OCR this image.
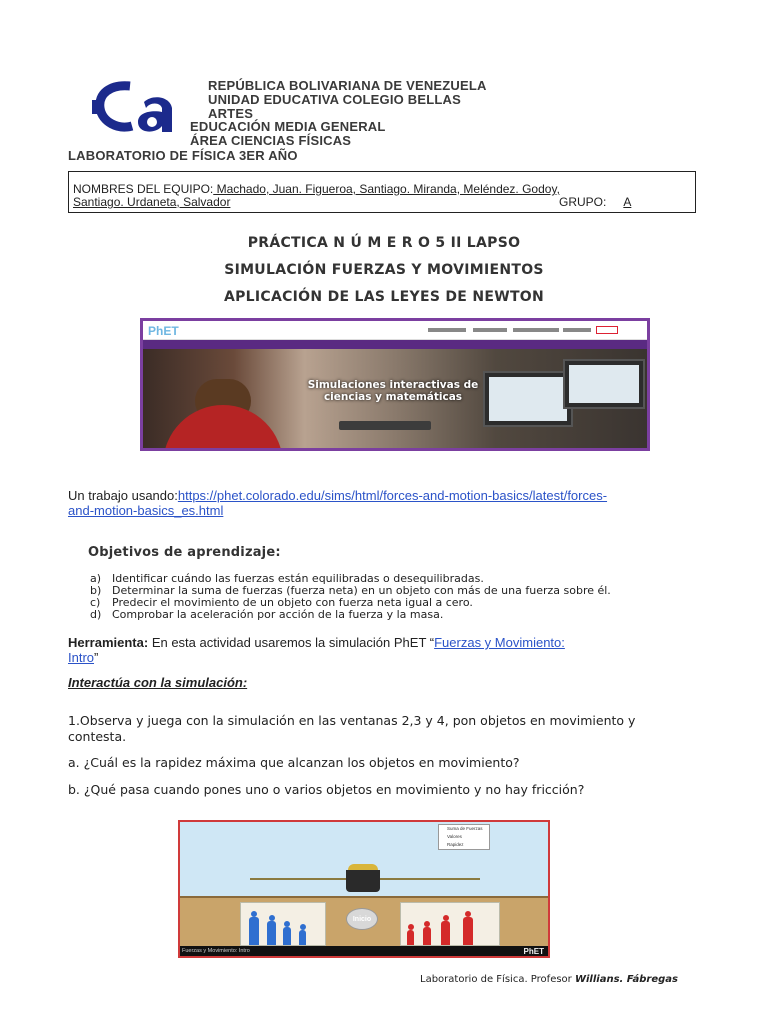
REPÚBLICA BOLIVARIANA DE VENEZUELA
UNIDAD EDUCATIVA COLEGIO BELLAS
ARTES
EDUCACIÓN MEDIA GENERAL
ÁREA CIENCIAS FÍSICAS
LABORATORIO DE FÍSICA 3ER AÑO
NOMBRES DEL EQUIPO: Machado, Juan. Figueroa, Santiago. Miranda, Meléndez. Godoy,
Santiago. Urdaneta, Salvador	GRUPO: A
PRÁCTICA N Ú M E R O 5 II LAPSO
SIMULACIÓN FUERZAS Y MOVIMIENTOS
APLICACIÓN DE LAS LEYES DE NEWTON
PhET
Simulaciones interactivas de ciencias y matemáticas
Un trabajo usando:https://phet.colorado.edu/sims/html/forces-and-motion-basics/latest/forces-
and-motion-basics_es.html
Objetivos de aprendizaje:
a) Identificar cuándo las fuerzas están equilibradas o desequilibradas.
b) Determinar la suma de fuerzas (fuerza neta) en un objeto con más de una fuerza sobre él.
c) Predecir el movimiento de un objeto con fuerza neta igual a cero.
d) Comprobar la aceleración por acción de la fuerza y la masa.
Herramienta: En esta actividad usaremos la simulación PhET “Fuerzas y Movimiento:
Intro”
Interactúa con la simulación:
1.Observa y juega con la simulación en las ventanas 2,3 y 4, pon objetos en movimiento y
contesta.
a. ¿Cuál es la rapidez máxima que alcanzan los objetos en movimiento?
b. ¿Qué pasa cuando pones uno o varios objetos en movimiento y no hay fricción?
Suma de Fuerzas
Valores
Rapidez
Inicio
Fuerzas y Movimiento: Intro	PhET
Laboratorio de Física. Profesor Willians. Fábregas
